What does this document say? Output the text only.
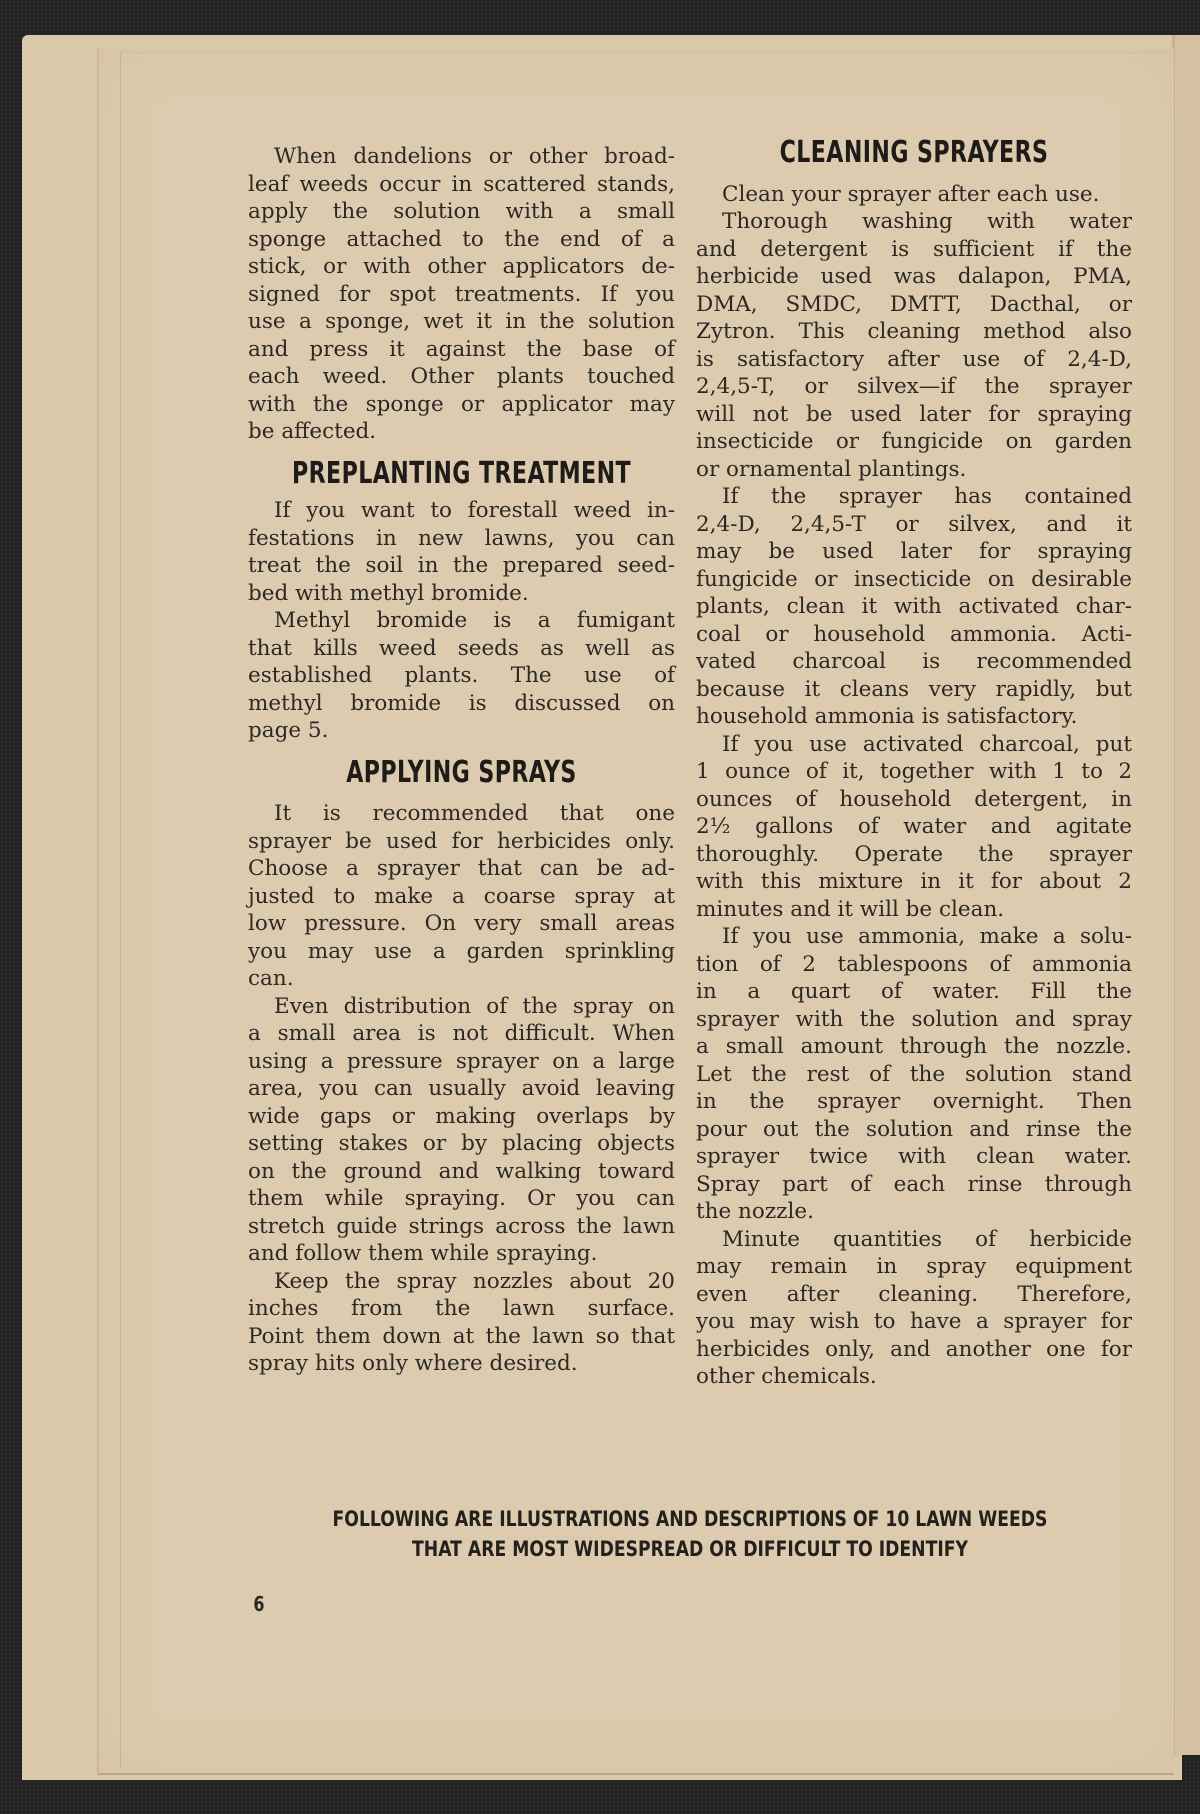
When dandelions or other broad-
leaf weeds occur in scattered stands,
apply the solution with a small
sponge attached to the end of a
stick, or with other applicators de-
signed for spot treatments. If you
use a sponge, wet it in the solution
and press it against the base of
each weed. Other plants touched
with the sponge or applicator may
be affected.
PREPLANTING TREATMENT
If you want to forestall weed in-
festations in new lawns, you can
treat the soil in the prepared seed-
bed with methyl bromide.
Methyl bromide is a fumigant
that kills weed seeds as well as
established plants. The use of
methyl bromide is discussed on
page 5.
APPLYING SPRAYS
It is recommended that one
sprayer be used for herbicides only.
Choose a sprayer that can be ad-
justed to make a coarse spray at
low pressure. On very small areas
you may use a garden sprinkling
can.
Even distribution of the spray on
a small area is not difficult. When
using a pressure sprayer on a large
area, you can usually avoid leaving
wide gaps or making overlaps by
setting stakes or by placing objects
on the ground and walking toward
them while spraying. Or you can
stretch guide strings across the lawn
and follow them while spraying.
Keep the spray nozzles about 20
inches from the lawn surface.
Point them down at the lawn so that
spray hits only where desired.
CLEANING SPRAYERS
Clean your sprayer after each use.
Thorough washing with water
and detergent is sufficient if the
herbicide used was dalapon, PMA,
DMA, SMDC, DMTT, Dacthal, or
Zytron. This cleaning method also
is satisfactory after use of 2,4-D,
2,4,5-T, or silvex—if the sprayer
will not be used later for spraying
insecticide or fungicide on garden
or ornamental plantings.
If the sprayer has contained
2,4-D, 2,4,5-T or silvex, and it
may be used later for spraying
fungicide or insecticide on desirable
plants, clean it with activated char-
coal or household ammonia. Acti-
vated charcoal is recommended
because it cleans very rapidly, but
household ammonia is satisfactory.
If you use activated charcoal, put
1 ounce of it, together with 1 to 2
ounces of household detergent, in
2½ gallons of water and agitate
thoroughly. Operate the sprayer
with this mixture in it for about 2
minutes and it will be clean.
If you use ammonia, make a solu-
tion of 2 tablespoons of ammonia
in a quart of water. Fill the
sprayer with the solution and spray
a small amount through the nozzle.
Let the rest of the solution stand
in the sprayer overnight. Then
pour out the solution and rinse the
sprayer twice with clean water.
Spray part of each rinse through
the nozzle.
Minute quantities of herbicide
may remain in spray equipment
even after cleaning. Therefore,
you may wish to have a sprayer for
herbicides only, and another one for
other chemicals.
FOLLOWING ARE ILLUSTRATIONS AND DESCRIPTIONS OF 10 LAWN WEEDS
THAT ARE MOST WIDESPREAD OR DIFFICULT TO IDENTIFY
6
